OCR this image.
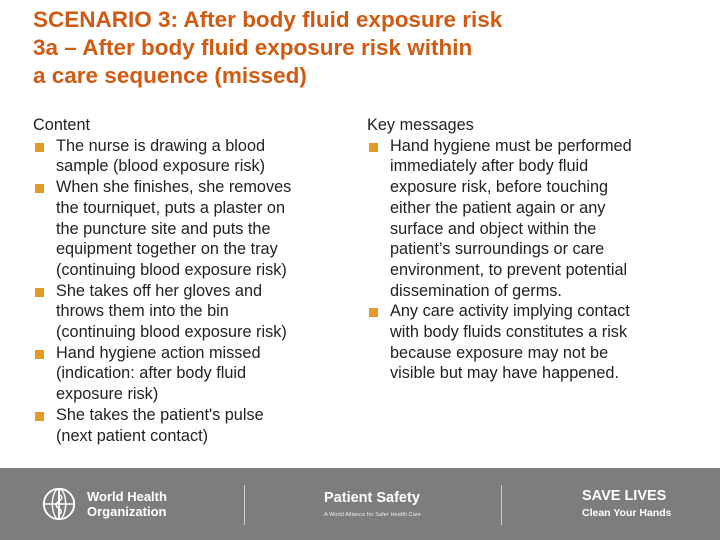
SCENARIO 3: After body fluid exposure risk
3a – After body fluid exposure risk within
a care sequence (missed)
Content
The nurse is drawing a blood
sample (blood exposure risk)
When she finishes, she removes
the tourniquet, puts a plaster on
the puncture site and puts the
equipment together on the tray
(continuing blood exposure risk)
She takes off her gloves and
throws them into the bin
(continuing blood exposure risk)
Hand hygiene action missed
(indication: after body fluid
exposure risk)
She takes the patient's pulse
(next patient contact)
Key messages
Hand hygiene must be performed
immediately after body fluid
exposure risk, before touching
either the patient again or any
surface and object within the
patient’s surroundings or care
environment, to prevent potential
dissemination of germs.
Any care activity implying contact
with body fluids constitutes a risk
because exposure may not be
visible but may have happened.
World Health
Organization
Patient Safety
A World Alliance for Safer Health Care
SAVE LIVES
Clean Your Hands
